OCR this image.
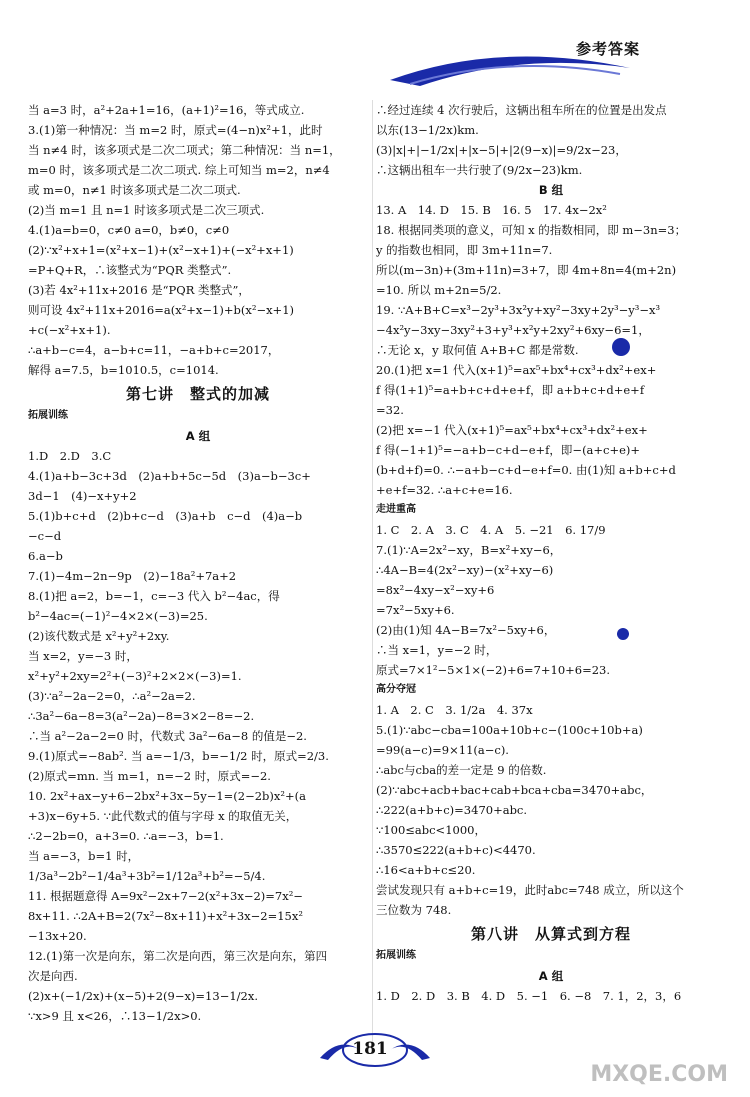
参考答案
当 a=3 时，a²+2a+1=16，(a+1)²=16，等式成立.
3.(1)第一种情况：当 m=2 时，原式=(4−n)x²+1，此时
当 n≠4 时，该多项式是二次二项式；第二种情况：当 n=1，
m=0 时，该多项式是二次二项式. 综上可知当 m=2，n≠4
或 m=0，n≠1 时该多项式是二次二项式.
(2)当 m=1 且 n=1 时该多项式是二次三项式.
4.(1)a=b=0，c≠0 a=0，b≠0，c≠0
(2)∵x²+x+1=(x²+x−1)+(x²−x+1)+(−x²+x+1)
=P+Q+R，∴该整式为“PQR 类整式”.
(3)若 4x²+11x+2016 是“PQR 类整式”，
则可设 4x²+11x+2016=a(x²+x−1)+b(x²−x+1)
+c(−x²+x+1).
∴a+b−c=4，a−b+c=11，−a+b+c=2017，
解得 a=7.5，b=1010.5，c=1014.
第七讲　整式的加减
拓展训练
A 组
1.D　2.D　3.C
4.(1)a+b−3c+3d　(2)a+b+5c−5d　(3)a−b−3c+
3d−1　(4)−x+y+2
5.(1)b+c+d　(2)b+c−d　(3)a+b　c−d　(4)a−b
−c−d
6.a−b
7.(1)−4m−2n−9p　(2)−18a²+7a+2
8.(1)把 a=2，b=−1，c=−3 代入 b²−4ac，得
b²−4ac=(−1)²−4×2×(−3)=25.
(2)该代数式是 x²+y²+2xy.
当 x=2，y=−3 时，
x²+y²+2xy=2²+(−3)²+2×2×(−3)=1.
(3)∵a²−2a−2=0，∴a²−2a=2.
∴3a²−6a−8=3(a²−2a)−8=3×2−8=−2.
∴当 a²−2a−2=0 时，代数式 3a²−6a−8 的值是−2.
9.(1)原式=−8ab². 当 a=−1/3，b=−1/2 时，原式=2/3.
(2)原式=mn. 当 m=1，n=−2 时，原式=−2.
10. 2x²+ax−y+6−2bx²+3x−5y−1=(2−2b)x²+(a
+3)x−6y+5. ∵此代数式的值与字母 x 的取值无关，
∴2−2b=0，a+3=0. ∴a=−3，b=1.
当 a=−3，b=1 时，
1/3a³−2b²−1/4a³+3b²=1/12a³+b²=−5/4.
11. 根据题意得 A=9x²−2x+7−2(x²+3x−2)=7x²−
8x+11. ∴2A+B=2(7x²−8x+11)+x²+3x−2=15x²
−13x+20.
12.(1)第一次是向东，第二次是向西，第三次是向东，第四
次是向西.
(2)x+(−1/2x)+(x−5)+2(9−x)=13−1/2x.
∵x>9 且 x<26，∴13−1/2x>0.
∴经过连续 4 次行驶后，这辆出租车所在的位置是出发点
以东(13−1/2x)km.
(3)|x|+|−1/2x|+|x−5|+|2(9−x)|=9/2x−23，
∴这辆出租车一共行驶了(9/2x−23)km.
B 组
13. A　14. D　15. B　16. 5　17. 4x−2x²
18. 根据同类项的意义，可知 x 的指数相同，即 m−3n=3；
y 的指数也相同，即 3m+11n=7.
所以(m−3n)+(3m+11n)=3+7，即 4m+8n=4(m+2n)
=10. 所以 m+2n=5/2.
19. ∵A+B+C=x³−2y³+3x²y+xy²−3xy+2y³−y³−x³
−4x²y−3xy−3xy²+3+y³+x²y+2xy²+6xy−6=1，
∴无论 x，y 取何值 A+B+C 都是常数.
20.(1)把 x=1 代入(x+1)⁵=ax⁵+bx⁴+cx³+dx²+ex+
f 得(1+1)⁵=a+b+c+d+e+f，即 a+b+c+d+e+f
=32.
(2)把 x=−1 代入(x+1)⁵=ax⁵+bx⁴+cx³+dx²+ex+
f 得(−1+1)⁵=−a+b−c+d−e+f，即−(a+c+e)+
(b+d+f)=0. ∴−a+b−c+d−e+f=0. 由(1)知 a+b+c+d
+e+f=32. ∴a+c+e=16.
走进重高
1. C　2. A　3. C　4. A　5. −21　6. 17/9
7.(1)∵A=2x²−xy，B=x²+xy−6，
∴4A−B=4(2x²−xy)−(x²+xy−6)
=8x²−4xy−x²−xy+6
=7x²−5xy+6.
(2)由(1)知 4A−B=7x²−5xy+6，
∴当 x=1，y=−2 时，
原式=7×1²−5×1×(−2)+6=7+10+6=23.
高分夺冠
1. A　2. C　3. 1/2a　4. 37x
5.(1)∵abc−cba=100a+10b+c−(100c+10b+a)
=99(a−c)=9×11(a−c).
∴abc与cba的差一定是 9 的倍数.
(2)∵abc+acb+bac+cab+bca+cba=3470+abc，
∴222(a+b+c)=3470+abc.
∵100≤abc<1000，
∴3570≤222(a+b+c)<4470.
∴16<a+b+c≤20.
尝试发现只有 a+b+c=19，此时abc=748 成立，所以这个
三位数为 748.
第八讲　从算式到方程
拓展训练
A 组
1. D　2. D　3. B　4. D　5. −1　6. −8　7. 1，2，3，6
181
MXQE.COM
